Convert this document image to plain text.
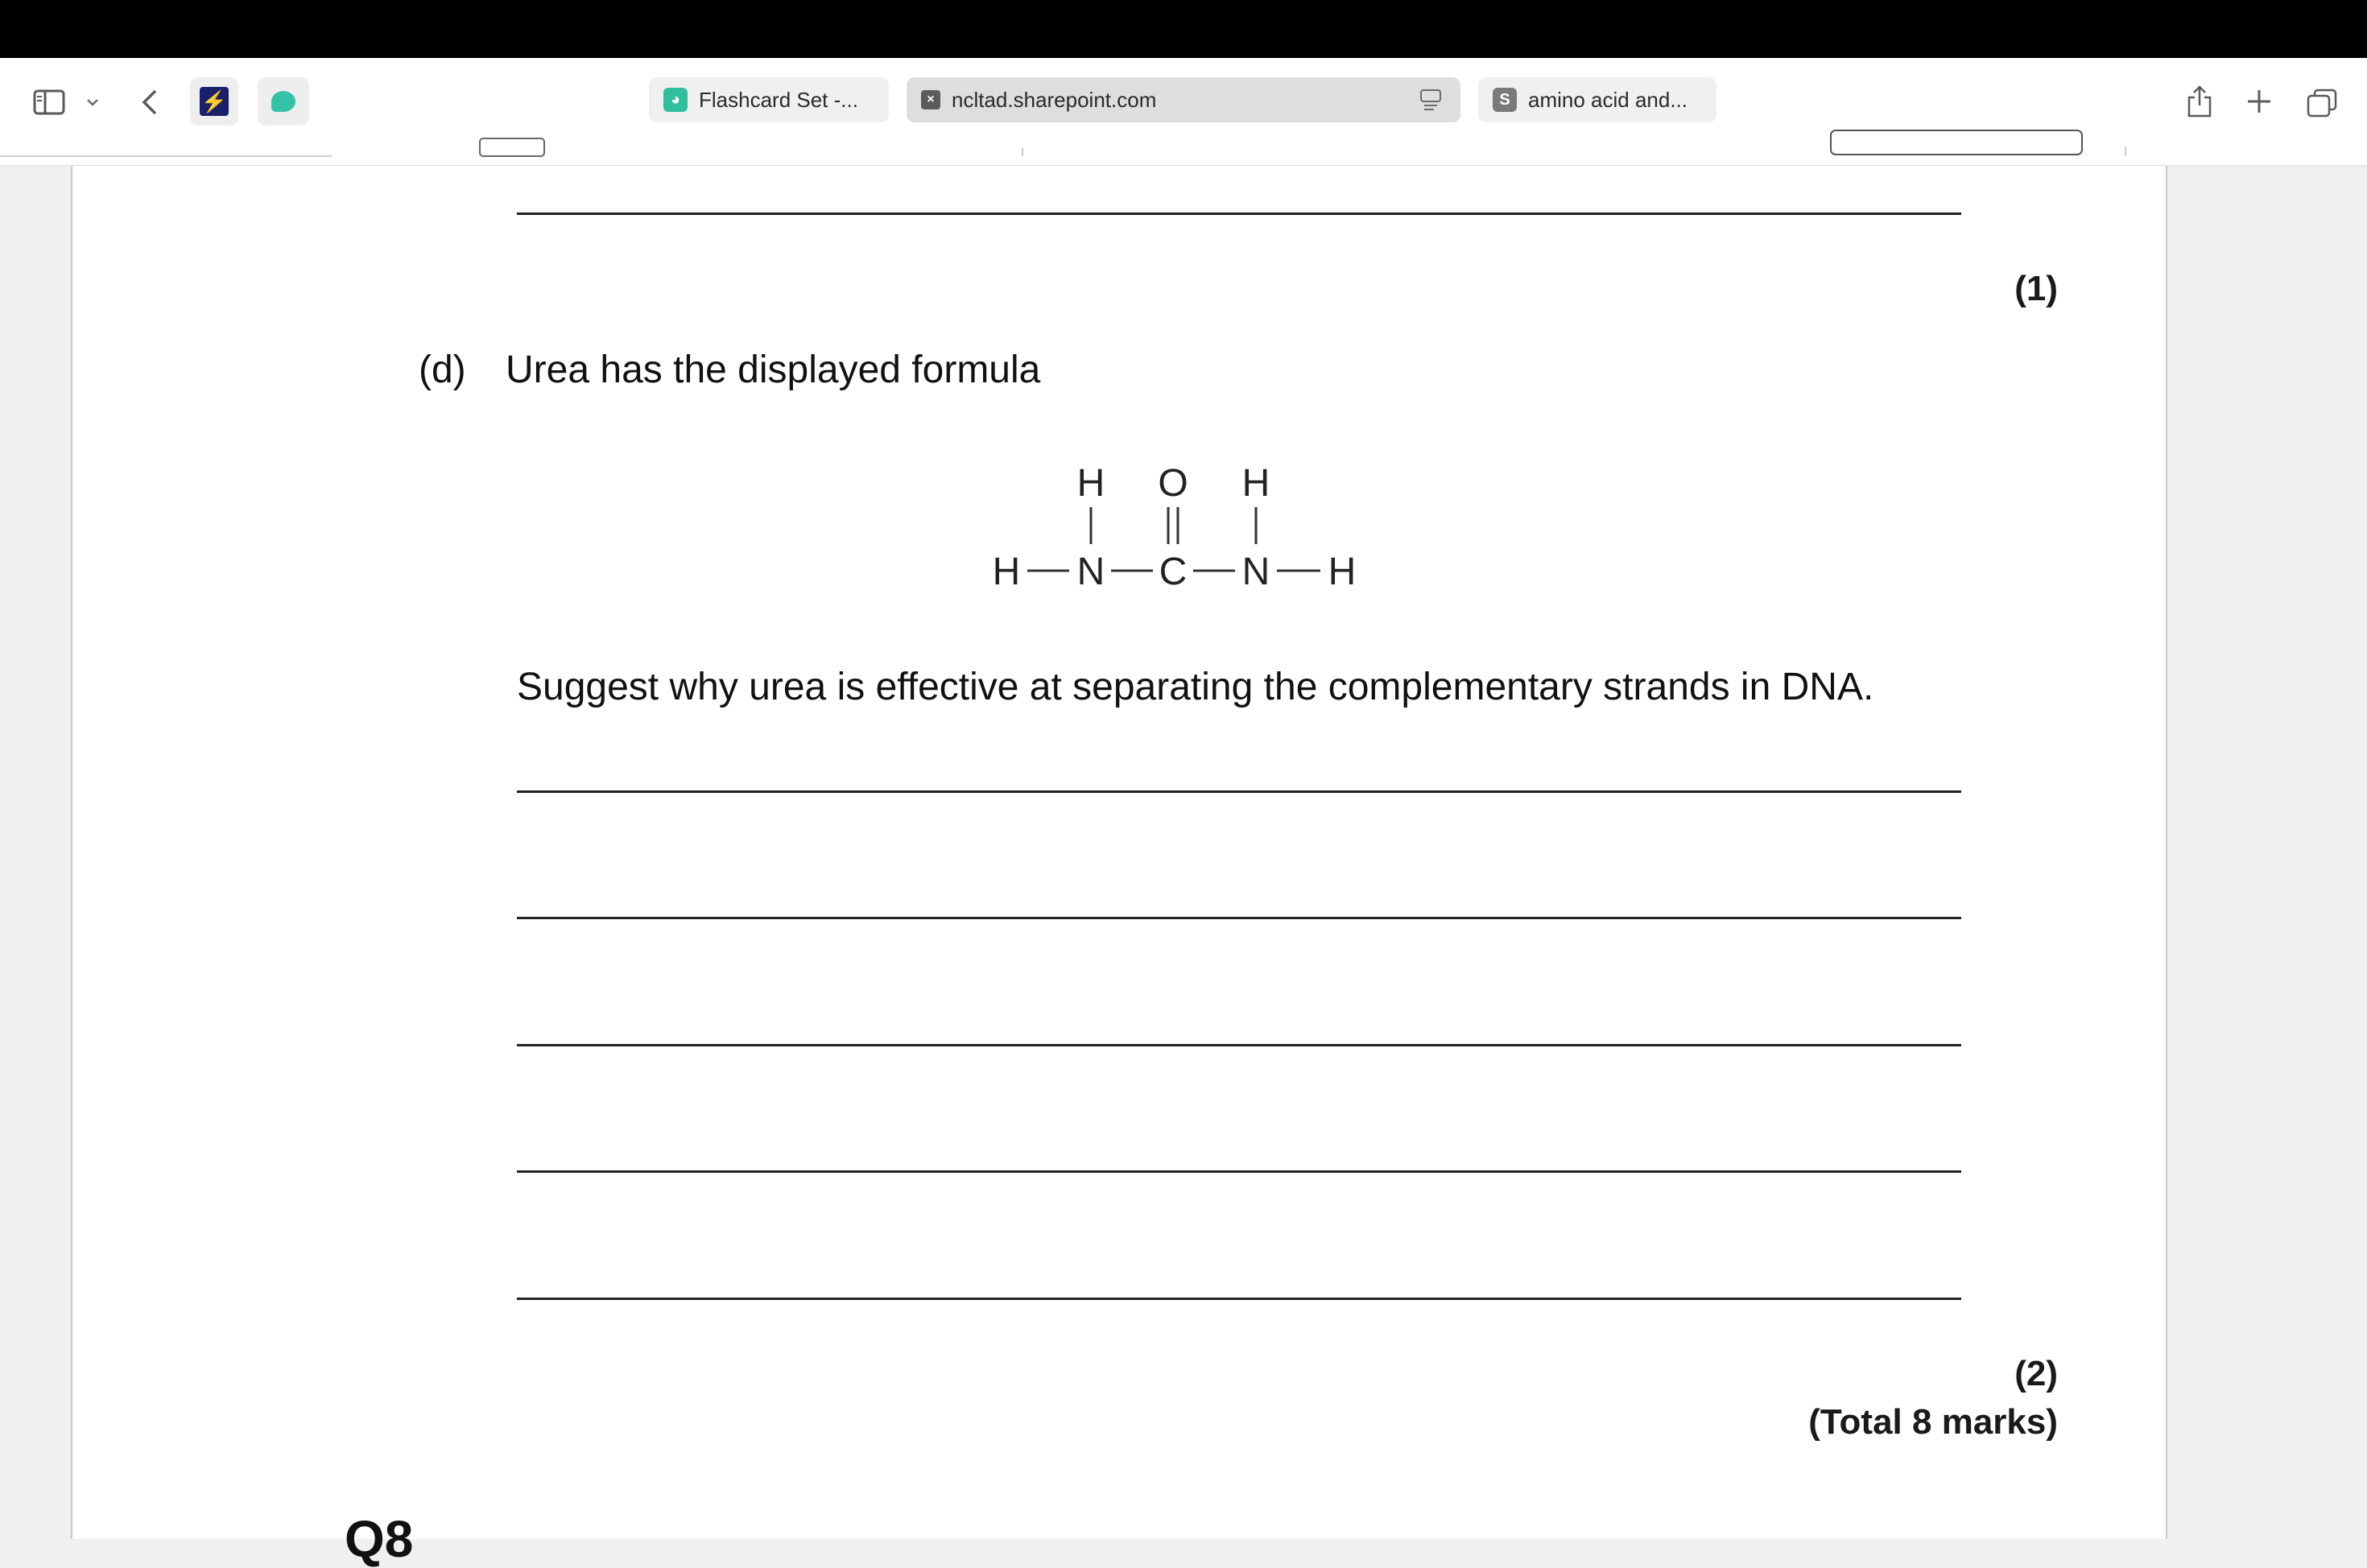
⚡	◕ Flashcard Set -...	× ncltad.sharepoint.com	S amino acid and...
(1)
(d) Urea has the displayed formula
H O H
H N C N H
Suggest why urea is effective at separating the complementary strands in DNA.
(2)
(Total 8 marks)
Q8
